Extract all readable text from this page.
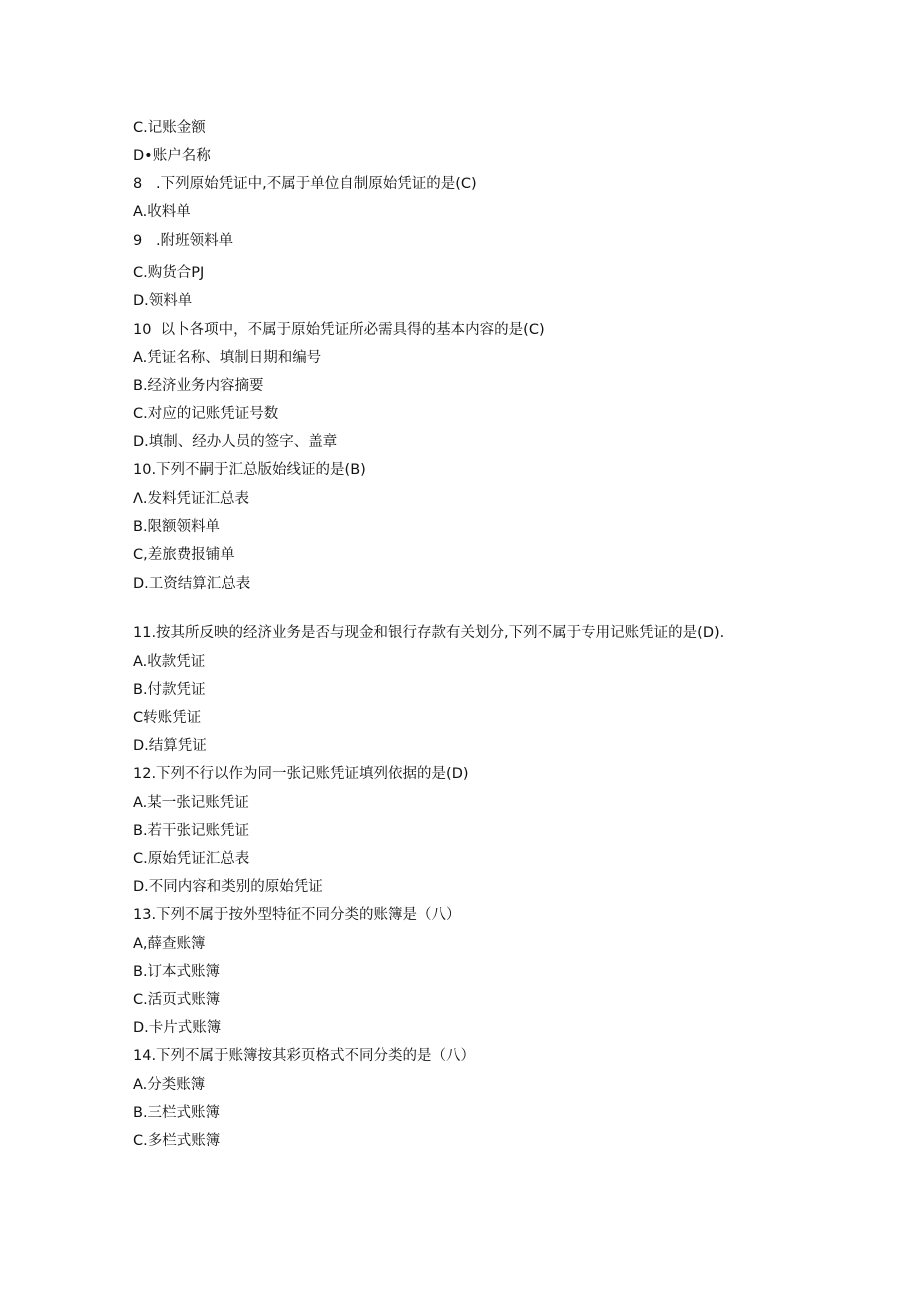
C.记账金额
D•账户名称
8   .下列原始凭证中,不属于单位自制原始凭证的是(C)
A.收料单
9   .附班领料单
C.购货合PJ
D.领料单
10  以卜各项中，不属于原始凭证所必需具得的基本内容的是(C)
A.凭证名称、填制日期和编号
B.经济业务内容摘要
C.对应的记账凭证号数
D.填制、经办人员的签字、盖章
10.下列不嗣于汇总版始线证的是(B)
Λ.发料凭证汇总表
B.限额领料单
C,差旅费报铺单
D.工资结算汇总表
11.按其所反映的经济业务是否与现金和银行存款有关划分,下列不属于专用记账凭证的是(D).
A.收款凭证
B.付款凭证
C转账凭证
D.结算凭证
12.下列不行以作为同一张记账凭证填列依据的是(D)
A.某一张记账凭证
B.若干张记账凭证
C.原始凭证汇总表
D.不同内容和类别的原始凭证
13.下列不属于按外型特征不同分类的账簿是（八）
A,薛查账簿
B.订本式账簿
C.活页式账簿
D.卡片式账簿
14.下列不属于账簿按其彩页格式不同分类的是（八）
A.分类账簿
B.三栏式账簿
C.多栏式账簿
